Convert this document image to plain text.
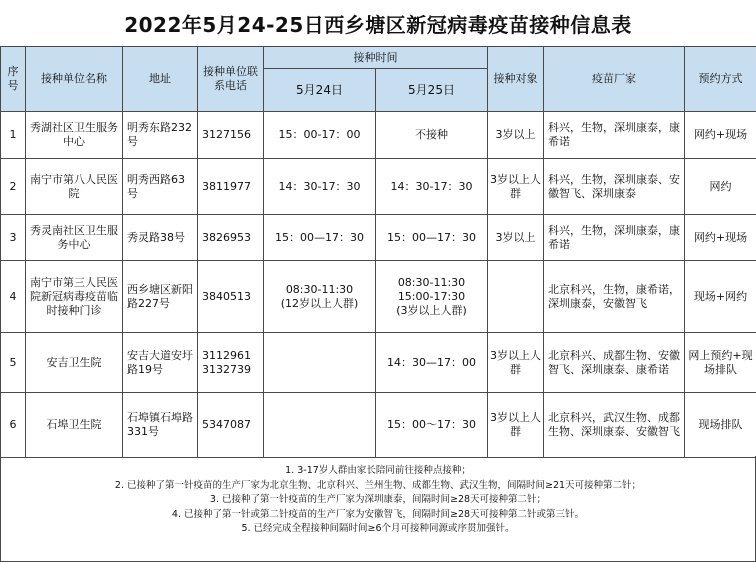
2022年5月24-25日西乡塘区新冠病毒疫苗接种信息表
序号	接种单位名称	地址	接种单位联系电话	接种时间		接种对象	疫苗厂家	预约方式
				5月24日	5月25日			
1	秀湖社区卫生服务中心	明秀东路232号	3127156	15：00-17：00	不接种	3岁以上	科兴，生物，深圳康泰，康希诺	网约+现场
2	南宁市第八人民医院	明秀西路63号	3811977	14：30-17：30	14：30-17：30	3岁以上人群	科兴，生物，深圳康泰、安徽智飞、深圳康泰	网约
3	秀灵南社区卫生服务中心	秀灵路38号	3826953	15：00—17：30	15：00—17：30	3岁以上	科兴，生物，深圳康泰，康希诺	网约+现场
4	南宁市第三人民医院新冠病毒疫苗临时接种门诊	西乡塘区新阳路227号	3840513	08:30-11:30
(12岁以上人群)	08:30-11:30
15:00-17:30
(3岁以上人群)		北京科兴，生物，康希诺，深圳康泰，安徽智飞	现场+网约
5	安吉卫生院	安吉大道安圩路19号	3112961
3132739		14：30—17：00	3岁以上人群	北京科兴、成都生物、安徽智飞、深圳康泰、康希诺	网上预约+现场排队
6	石埠卫生院	石埠镇石埠路331号	5347087		15：00～17：30	3岁以上人群	北京科兴，武汉生物、成都生物、深圳康泰、安徽智飞	现场排队
1. 3-17岁人群由家长陪同前往接种点接种；
2. 已接种了第一针疫苗的生产厂家为北京生物、北京科兴、兰州生物、成都生物、武汉生物，间隔时间≥21天可接种第二针；
3. 已接种了第一针疫苗的生产厂家为深圳康泰，间隔时间≥28天可接种第二针；
4. 已接种了第一针或第二针疫苗的生产厂家为安徽智飞，间隔时间≥28天可接种第二针或第三针。
5. 已经完成全程接种间隔时间≥6个月可接种同源或序贯加强针。
